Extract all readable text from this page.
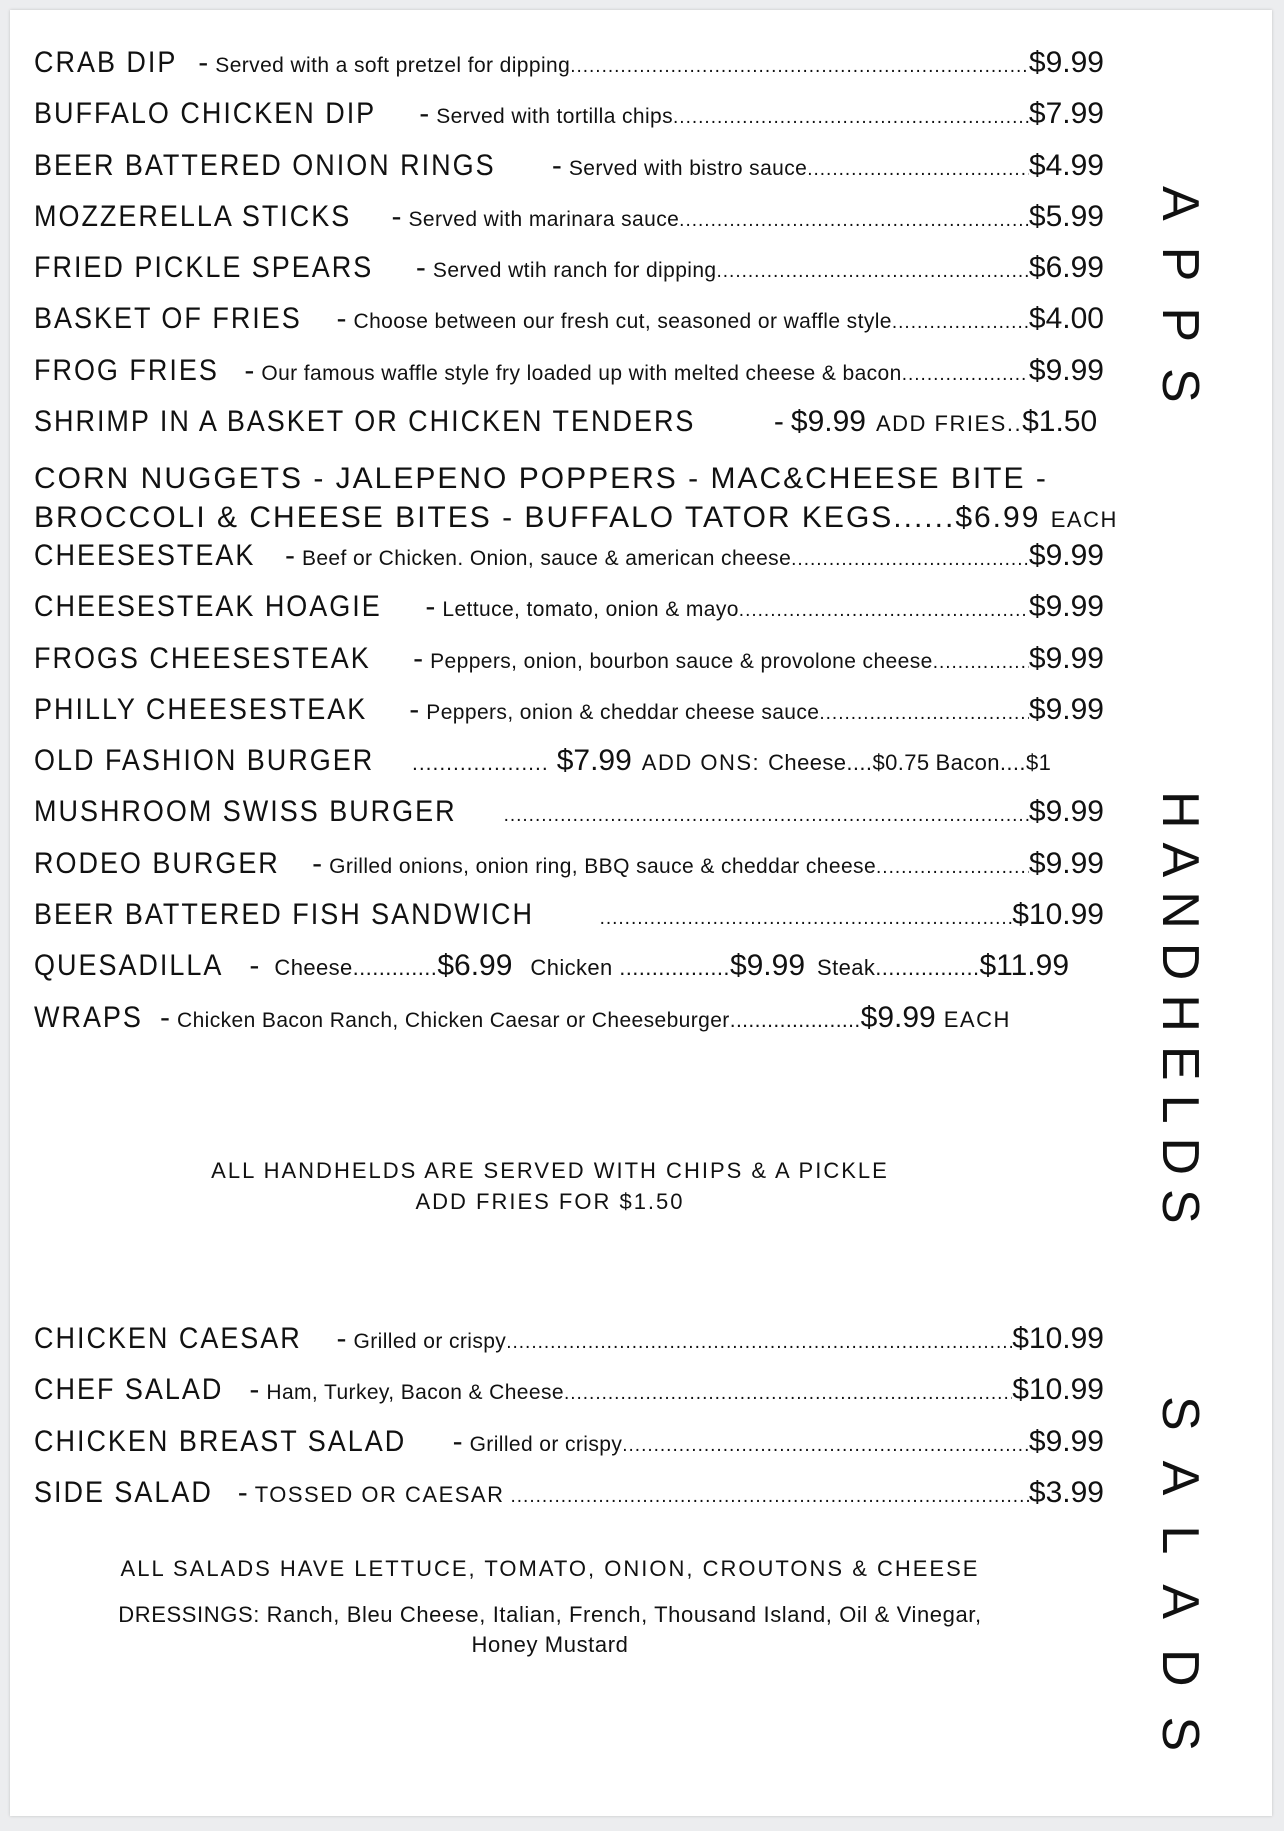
CRAB DIP - Served with a soft pretzel for dipping .....	$9.99
BUFFALO CHICKEN DIP - Served with tortilla chips .....	$7.99
BEER BATTERED ONION RINGS - Served with bistro sauce .....	$4.99
MOZZERELLA STICKS - Served with marinara sauce .....	$5.99
FRIED PICKLE SPEARS - Served wtih ranch for dipping .....	$6.99
BASKET OF FRIES - Choose between our fresh cut, seasoned or waffle style .....	$4.00
FROG FRIES - Our famous waffle style fry loaded up with melted cheese & bacon .....	$9.99
SHRIMP IN A BASKET OR CHICKEN TENDERS	- $9.99 ADD FRIES .. $1.50
CORN NUGGETS - JALEPENO POPPERS - MAC&CHEESE BITE -
BROCCOLI & CHEESE BITES - BUFFALO TATOR KEGS......$6.99 EACH
CHEESESTEAK - Beef or Chicken. Onion, sauce & american cheese .....	$9.99
CHEESESTEAK HOAGIE - Lettuce, tomato, onion & mayo .....	$9.99
FROGS CHEESESTEAK - Peppers, onion, bourbon sauce & provolone cheese .....	$9.99
PHILLY CHEESESTEAK - Peppers, onion & cheddar cheese sauce .....	$9.99
OLD FASHION BURGER .................... $7.99 ADD ONS: Cheese .... $0.75 Bacon .... $1
MUSHROOM SWISS BURGER .....	$9.99
RODEO BURGER - Grilled onions, onion ring, BBQ sauce & cheddar cheese .....	$9.99
BEER BATTERED FISH SANDWICH .....	$10.99
QUESADILLA - Cheese ............. $6.99 Chicken ................. $9.99 Steak ................ $11.99
WRAPS - Chicken Bacon Ranch, Chicken Caesar or Cheeseburger ..................... $9.99 EACH
ALL HANDHELDS ARE SERVED WITH CHIPS & A PICKLE
ADD FRIES FOR $1.50
CHICKEN CAESAR - Grilled or crispy .....	$10.99
CHEF SALAD - Ham, Turkey, Bacon & Cheese .....	$10.99
CHICKEN BREAST SALAD - Grilled or crispy .....	$9.99
SIDE SALAD - TOSSED OR CAESAR .....	$3.99
ALL SALADS HAVE LETTUCE, TOMATO, ONION, CROUTONS & CHEESE
DRESSINGS: Ranch, Bleu Cheese, Italian, French, Thousand Island, Oil & Vinegar,
Honey Mustard
APPS
HANDHELDS
SALADS
